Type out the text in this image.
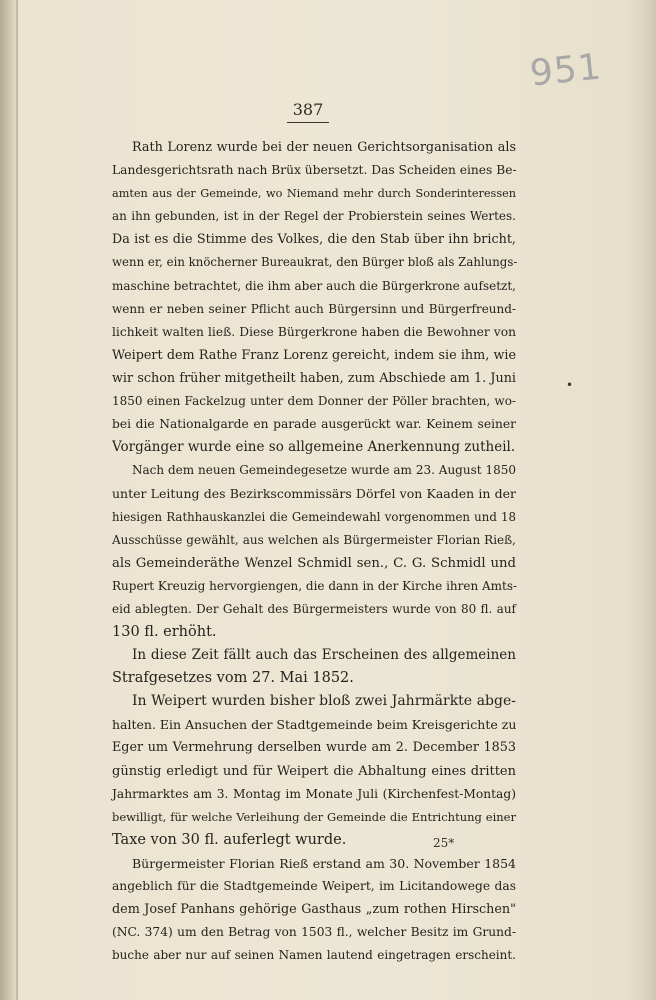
951
387
Rath Lorenz wurde bei der neuen Gerichtsorganisation als
Landesgerichtsrath nach Brüx übersetzt. Das Scheiden eines Be-
amten aus der Gemeinde, wo Niemand mehr durch Sonderinteressen
an ihn gebunden, ist in der Regel der Probierstein seines Wertes.
Da ist es die Stimme des Volkes, die den Stab über ihn bricht,
wenn er, ein knöcherner Bureaukrat, den Bürger bloß als Zahlungs-
maschine betrachtet, die ihm aber auch die Bürgerkrone aufsetzt,
wenn er neben seiner Pflicht auch Bürgersinn und Bürgerfreund-
lichkeit walten ließ. Diese Bürgerkrone haben die Bewohner von
Weipert dem Rathe Franz Lorenz gereicht, indem sie ihm, wie
wir schon früher mitgetheilt haben, zum Abschiede am 1. Juni
1850 einen Fackelzug unter dem Donner der Pöller brachten, wo-
bei die Nationalgarde en parade ausgerückt war. Keinem seiner
Vorgänger wurde eine so allgemeine Anerkennung zutheil.
Nach dem neuen Gemeindegesetze wurde am 23. August 1850
unter Leitung des Bezirkscommissärs Dörfel von Kaaden in der
hiesigen Rathhauskanzlei die Gemeindewahl vorgenommen und 18
Ausschüsse gewählt, aus welchen als Bürgermeister Florian Rieß,
als Gemeinderäthe Wenzel Schmidl sen., C. G. Schmidl und
Rupert Kreuzig hervorgiengen, die dann in der Kirche ihren Amts-
eid ablegten. Der Gehalt des Bürgermeisters wurde von 80 fl. auf
130 fl. erhöht.
In diese Zeit fällt auch das Erscheinen des allgemeinen
Strafgesetzes vom 27. Mai 1852.
In Weipert wurden bisher bloß zwei Jahrmärkte abge-
halten. Ein Ansuchen der Stadtgemeinde beim Kreisgerichte zu
Eger um Vermehrung derselben wurde am 2. December 1853
günstig erledigt und für Weipert die Abhaltung eines dritten
Jahrmarktes am 3. Montag im Monate Juli (Kirchenfest-Montag)
bewilligt, für welche Verleihung der Gemeinde die Entrichtung einer
Taxe von 30 fl. auferlegt wurde.
Bürgermeister Florian Rieß erstand am 30. November 1854
angeblich für die Stadtgemeinde Weipert, im Licitandowege das
dem Josef Panhans gehörige Gasthaus „zum rothen Hirschen"
(NC. 374) um den Betrag von 1503 fl., welcher Besitz im Grund-
buche aber nur auf seinen Namen lautend eingetragen erscheint.
•
25*
